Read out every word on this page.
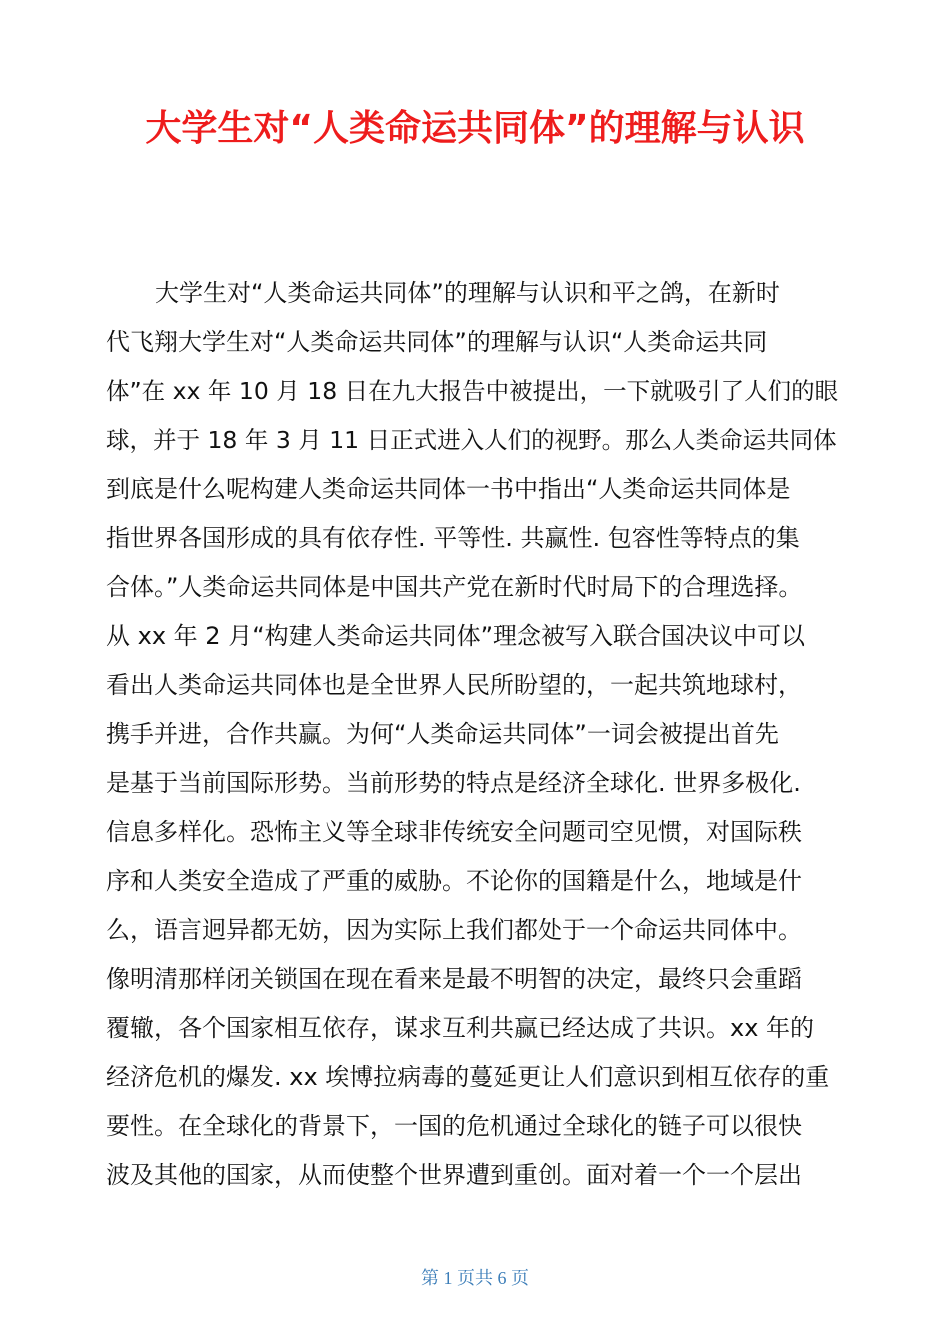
大学生对“人类命运共同体”的理解与认识
大学生对“人类命运共同体”的理解与认识和平之鸽，在新时
代飞翔大学生对“人类命运共同体”的理解与认识“人类命运共同
体”在 xx 年 10 月 18 日在九大报告中被提出，一下就吸引了人们的眼
球，并于 18 年 3 月 11 日正式进入人们的视野。那么人类命运共同体
到底是什么呢构建人类命运共同体一书中指出“人类命运共同体是
指世界各国形成的具有依存性. 平等性. 共赢性. 包容性等特点的集
合体。”人类命运共同体是中国共产党在新时代时局下的合理选择。
从 xx 年 2 月“构建人类命运共同体”理念被写入联合国决议中可以
看出人类命运共同体也是全世界人民所盼望的，一起共筑地球村，
携手并进，合作共赢。为何“人类命运共同体”一词会被提出首先
是基于当前国际形势。当前形势的特点是经济全球化. 世界多极化.
信息多样化。恐怖主义等全球非传统安全问题司空见惯，对国际秩
序和人类安全造成了严重的威胁。不论你的国籍是什么，地域是什
么，语言迥异都无妨，因为实际上我们都处于一个命运共同体中。
像明清那样闭关锁国在现在看来是最不明智的决定，最终只会重蹈
覆辙，各个国家相互依存，谋求互利共赢已经达成了共识。xx 年的
经济危机的爆发. xx 埃博拉病毒的蔓延更让人们意识到相互依存的重
要性。在全球化的背景下，一国的危机通过全球化的链子可以很快
波及其他的国家，从而使整个世界遭到重创。面对着一个一个层出
第 1 页共 6 页
